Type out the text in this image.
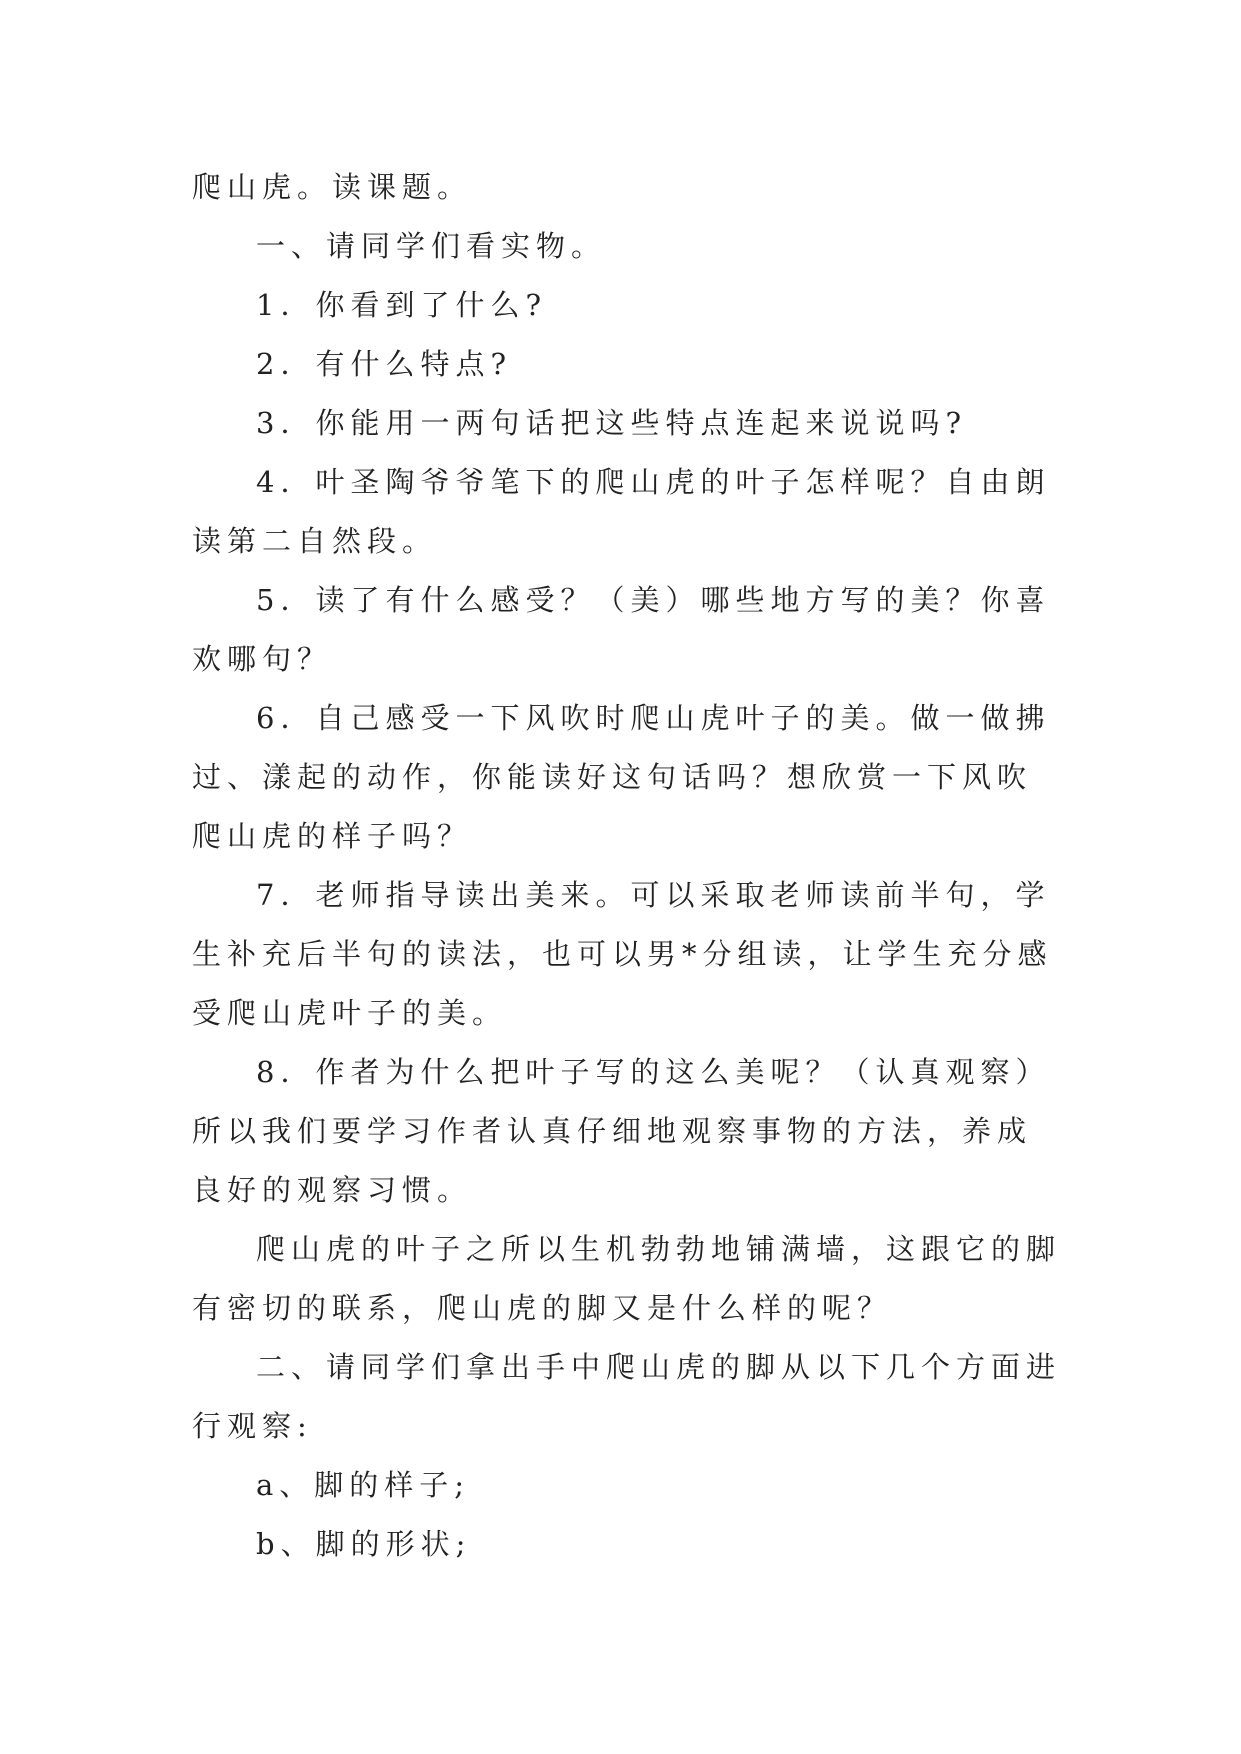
爬山虎。读课题。

一、请同学们看实物。

1．你看到了什么?

2．有什么特点?

3．你能用一两句话把这些特点连起来说说吗?

4．叶圣陶爷爷笔下的爬山虎的叶子怎样呢？自由朗读第二自然段。

5．读了有什么感受？（美）哪些地方写的美？你喜欢哪句？

6．自己感受一下风吹时爬山虎叶子的美。做一做拂过、漾起的动作，你能读好这句话吗？想欣赏一下风吹爬山虎的样子吗？

7．老师指导读出美来。可以采取老师读前半句，学生补充后半句的读法，也可以男*分组读，让学生充分感受爬山虎叶子的美。

8．作者为什么把叶子写的这么美呢？（认真观察）所以我们要学习作者认真仔细地观察事物的方法，养成良好的观察习惯。

爬山虎的叶子之所以生机勃勃地铺满墙，这跟它的脚有密切的联系，爬山虎的脚又是什么样的呢？

二、请同学们拿出手中爬山虎的脚从以下几个方面进行观察:

a、脚的样子;

b、脚的形状;
